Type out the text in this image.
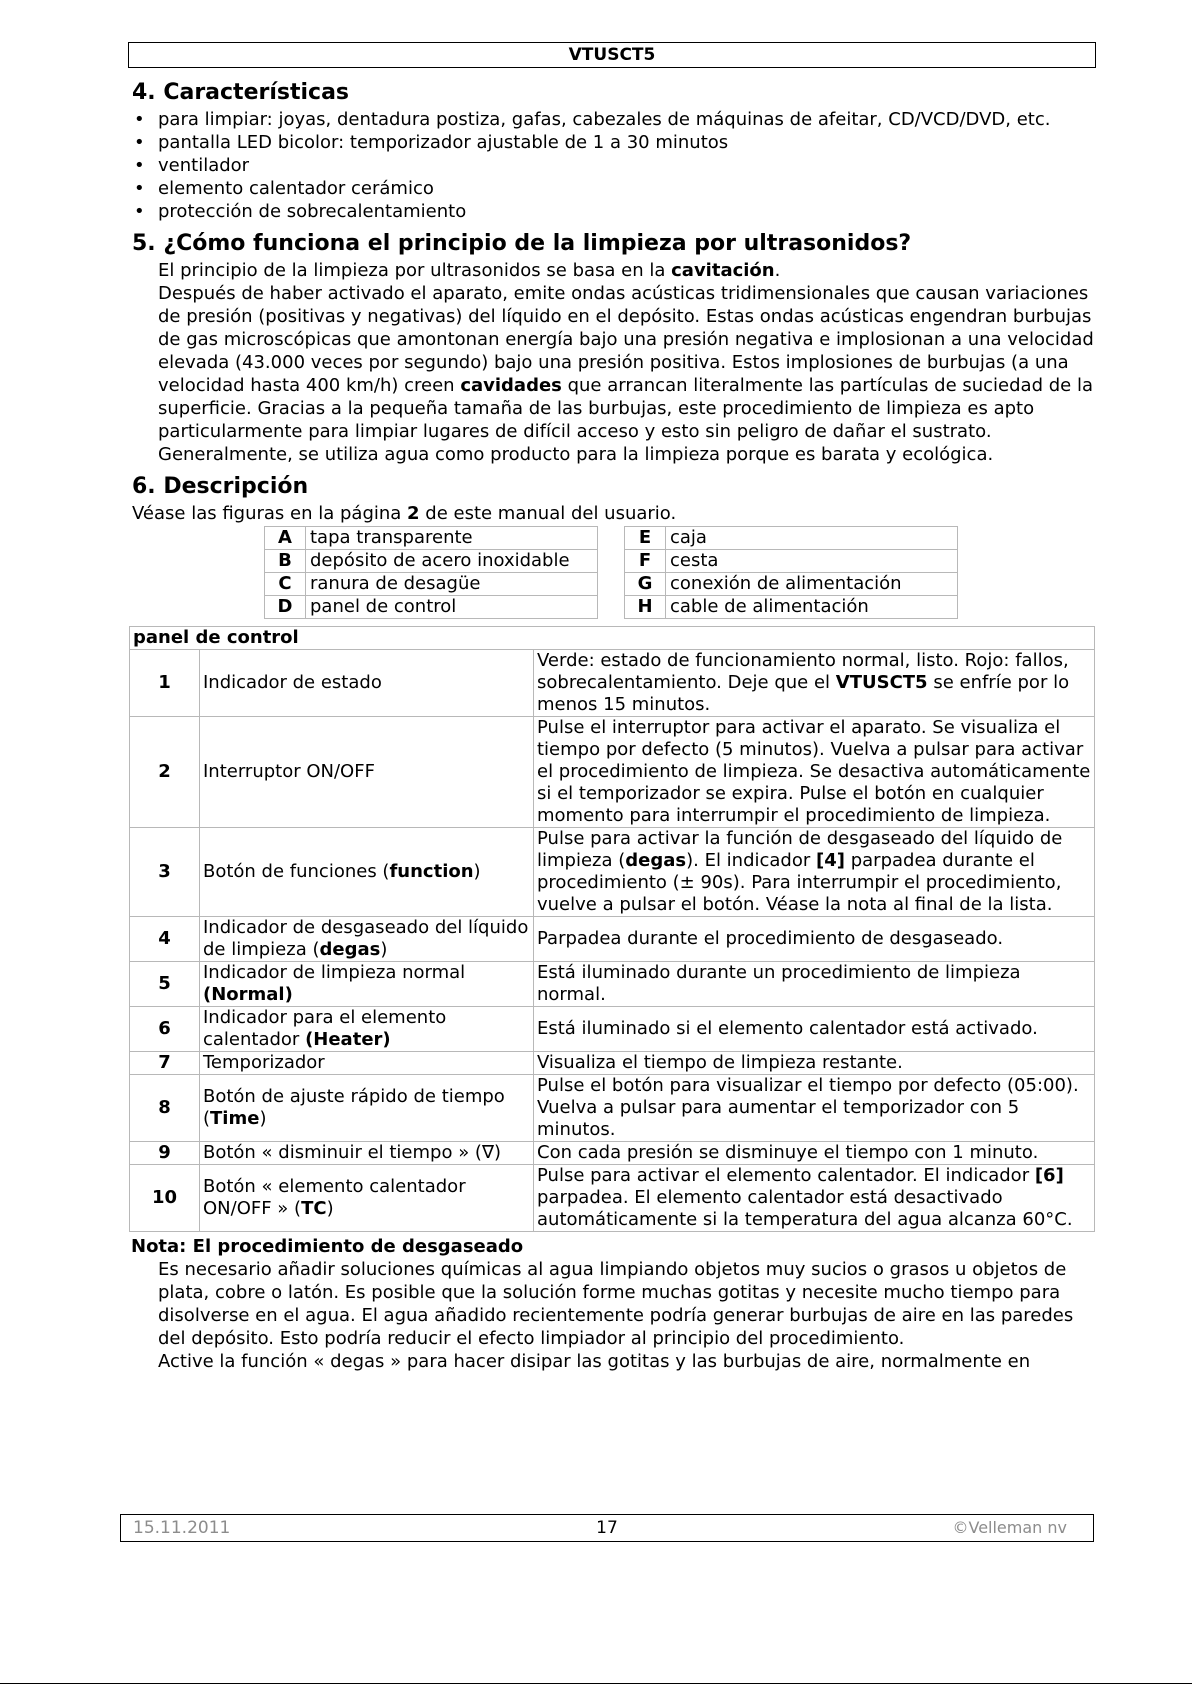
VTUSCT5
4. Características
• para limpiar: joyas, dentadura postiza, gafas, cabezales de máquinas de afeitar, CD/VCD/DVD, etc.
• pantalla LED bicolor: temporizador ajustable de 1 a 30 minutos
• ventilador
• elemento calentador cerámico
• protección de sobrecalentamiento
5. ¿Cómo funciona el principio de la limpieza por ultrasonidos?

El principio de la limpieza por ultrasonidos se basa en la cavitación.

Después de haber activado el aparato, emite ondas acústicas tridimensionales que causan variaciones de presión (positivas y negativas) del líquido en el depósito. Estas ondas acústicas engendran burbujas de gas microscópicas que amontonan energía bajo una presión negativa e implosionan a una velocidad elevada (43.000 veces por segundo) bajo una presión positiva. Estos implosiones de burbujas (a una velocidad hasta 400 km/h) creen cavidades que arrancan literalmente las partículas de suciedad de la superficie. Gracias a la pequeña tamaña de las burbujas, este procedimiento de limpieza es apto particularmente para limpiar lugares de difícil acceso y esto sin peligro de dañar el sustrato.

Generalmente, se utiliza agua como producto para la limpieza porque es barata y ecológica.

6. Descripción

Véase las figuras en la página 2 de este manual del usuario.

A	tapa transparente
B	depósito de acero inoxidable
C	ranura de desagüe
D	panel de control
E	caja
F	cesta
G	conexión de alimentación
H	cable de alimentación
panel de control		
1	Indicador de estado	Verde: estado de funcionamiento normal, listo. Rojo: fallos, sobrecalentamiento. Deje que el VTUSCT5 se enfríe por lo menos 15 minutos.
2	Interruptor ON/OFF	Pulse el interruptor para activar el aparato. Se visualiza el tiempo por defecto (5 minutos). Vuelva a pulsar para activar el procedimiento de limpieza. Se desactiva automáticamente si el temporizador se expira. Pulse el botón en cualquier momento para interrumpir el procedimiento de limpieza.
3	Botón de funciones (function)	Pulse para activar la función de desgaseado del líquido de limpieza (degas). El indicador [4] parpadea durante el procedimiento (± 90s). Para interrumpir el procedimiento, vuelve a pulsar el botón. Véase la nota al final de la lista.
4	Indicador de desgaseado del líquido de limpieza (degas)	Parpadea durante el procedimiento de desgaseado.
5	Indicador de limpieza normal (Normal)	Está iluminado durante un procedimiento de limpieza normal.
6	Indicador para el elemento calentador (Heater)	Está iluminado si el elemento calentador está activado.
7	Temporizador	Visualiza el tiempo de limpieza restante.
8	Botón de ajuste rápido de tiempo (Time)	Pulse el botón para visualizar el tiempo por defecto (05:00). Vuelva a pulsar para aumentar el temporizador con 5 minutos.
9	Botón « disminuir el tiempo » (∇)	Con cada presión se disminuye el tiempo con 1 minuto.
10	Botón « elemento calentador ON/OFF » (TC)	Pulse para activar el elemento calentador. El indicador [6] parpadea. El elemento calentador está desactivado automáticamente si la temperatura del agua alcanza 60°C.
Nota: El procedimiento de desgaseado

Es necesario añadir soluciones químicas al agua limpiando objetos muy sucios o grasos u objetos de plata, cobre o latón. Es posible que la solución forme muchas gotitas y necesite mucho tiempo para disolverse en el agua. El agua añadido recientemente podría generar burbujas de aire en las paredes del depósito. Esto podría reducir el efecto limpiador al principio del procedimiento.

Active la función « degas » para hacer disipar las gotitas y las burbujas de aire, normalmente en

15.11.2011	17	©Velleman nv
